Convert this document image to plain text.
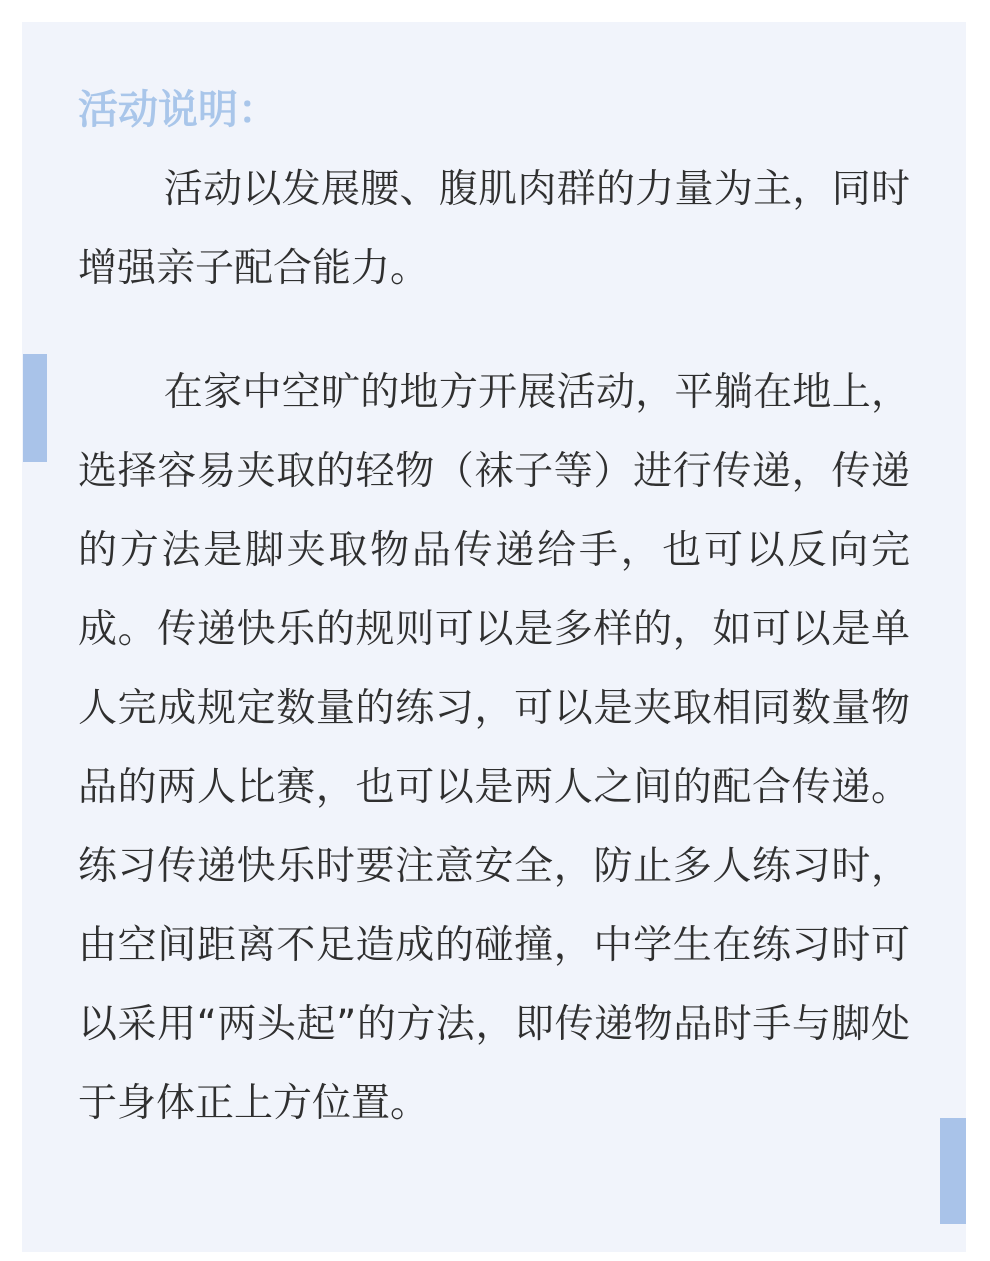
活动说明：

活动以发展腰、腹肌肉群的力量为主，同时增强亲子配合能力。

在家中空旷的地方开展活动，平躺在地上，选择容易夹取的轻物（袜子等）进行传递，传递的方法是脚夹取物品传递给手，也可以反向完成。传递快乐的规则可以是多样的，如可以是单人完成规定数量的练习，可以是夹取相同数量物品的两人比赛，也可以是两人之间的配合传递。练习传递快乐时要注意安全，防止多人练习时，由空间距离不足造成的碰撞，中学生在练习时可以采用“两头起”的方法，即传递物品时手与脚处于身体正上方位置。
